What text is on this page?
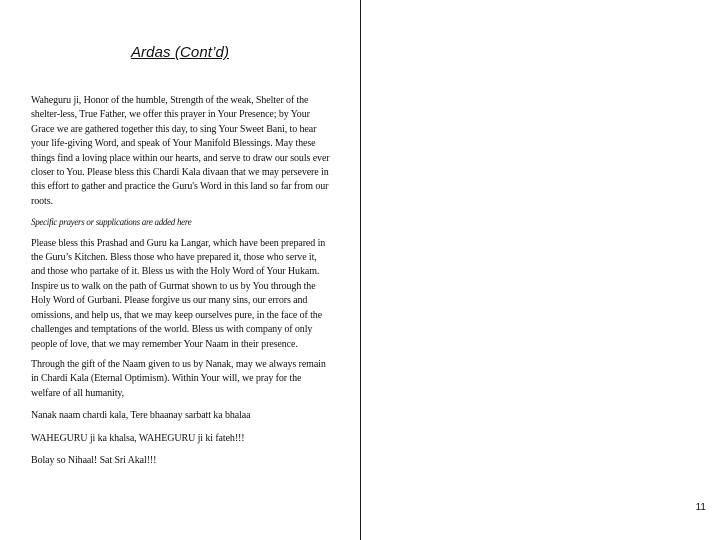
Ardas (Cont’d)

Waheguru ji, Honor of the humble, Strength of the weak, Shelter of the shelter-less, True Father, we offer this prayer in Your Presence; by Your Grace we are gathered together this day, to sing Your Sweet Bani, to hear your life-giving Word, and speak of Your Manifold Blessings. May these things find a loving place within our hearts, and serve to draw our souls ever closer to You. Please bless this Chardi Kala divaan that we may persevere in this effort to gather and practice the Guru's Word in this land so far from our roots.

Specific prayers or supplications are added here

Please bless this Prashad and Guru ka Langar, which have been prepared in the Guru’s Kitchen. Bless those who have prepared it, those who serve it, and those who partake of it. Bless us with the Holy Word of Your Hukam. Inspire us to walk on the path of Gurmat shown to us by You through the Holy Word of Gurbani. Please forgive us our many sins, our errors and omissions, and help us, that we may keep ourselves pure, in the face of the challenges and temptations of the world. Bless us with company of only people of love, that we may remember Your Naam in their presence.

Through the gift of the Naam given to us by Nanak, may we always remain in Chardi Kala (Eternal Optimism). Within Your will, we pray for the welfare of all humanity,

Nanak naam chardi kala, Tere bhaanay sarbatt ka bhalaa

WAHEGURU ji ka khalsa, WAHEGURU ji ki fateh!!!

Bolay so Nihaal! Sat Sri Akal!!!

11
